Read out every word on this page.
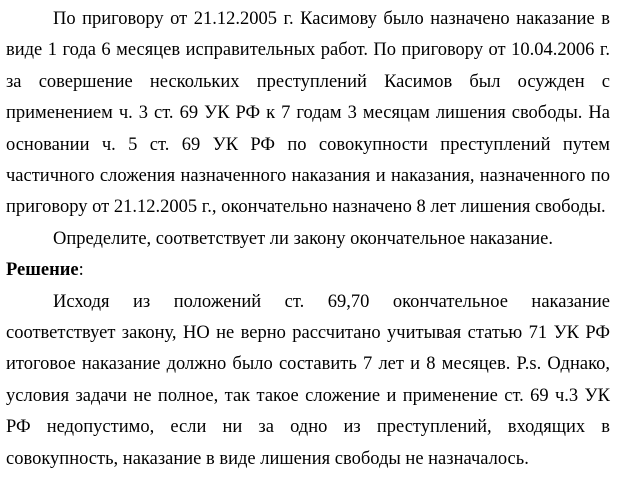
По приговору от 21.12.2005 г. Касимову было назначено наказание в виде 1 года 6 месяцев исправительных работ. По приговору от 10.04.2006 г. за совершение нескольких преступлений Касимов был осужден с применением ч. 3 ст. 69 УК РФ к 7 годам 3 месяцам лишения свободы. На основании ч. 5 ст. 69 УК РФ по совокупности преступлений путем частичного сложения назначенного наказания и наказания, назначенного по приговору от 21.12.2005 г., окончательно назначено 8 лет лишения свободы.

Определите, соответствует ли закону окончательное наказание.

Решение:

Исходя из положений ст. 69,70 окончательное наказание соответствует закону, НО не верно рассчитано учитывая статью 71 УК РФ итоговое наказание должно было составить 7 лет и 8 месяцев. P.s. Однако, условия задачи не полное, так такое сложение и применение ст. 69 ч.3 УК РФ недопустимо, если ни за одно из преступлений, входящих в совокупность, наказание в виде лишения свободы не назначалось.
